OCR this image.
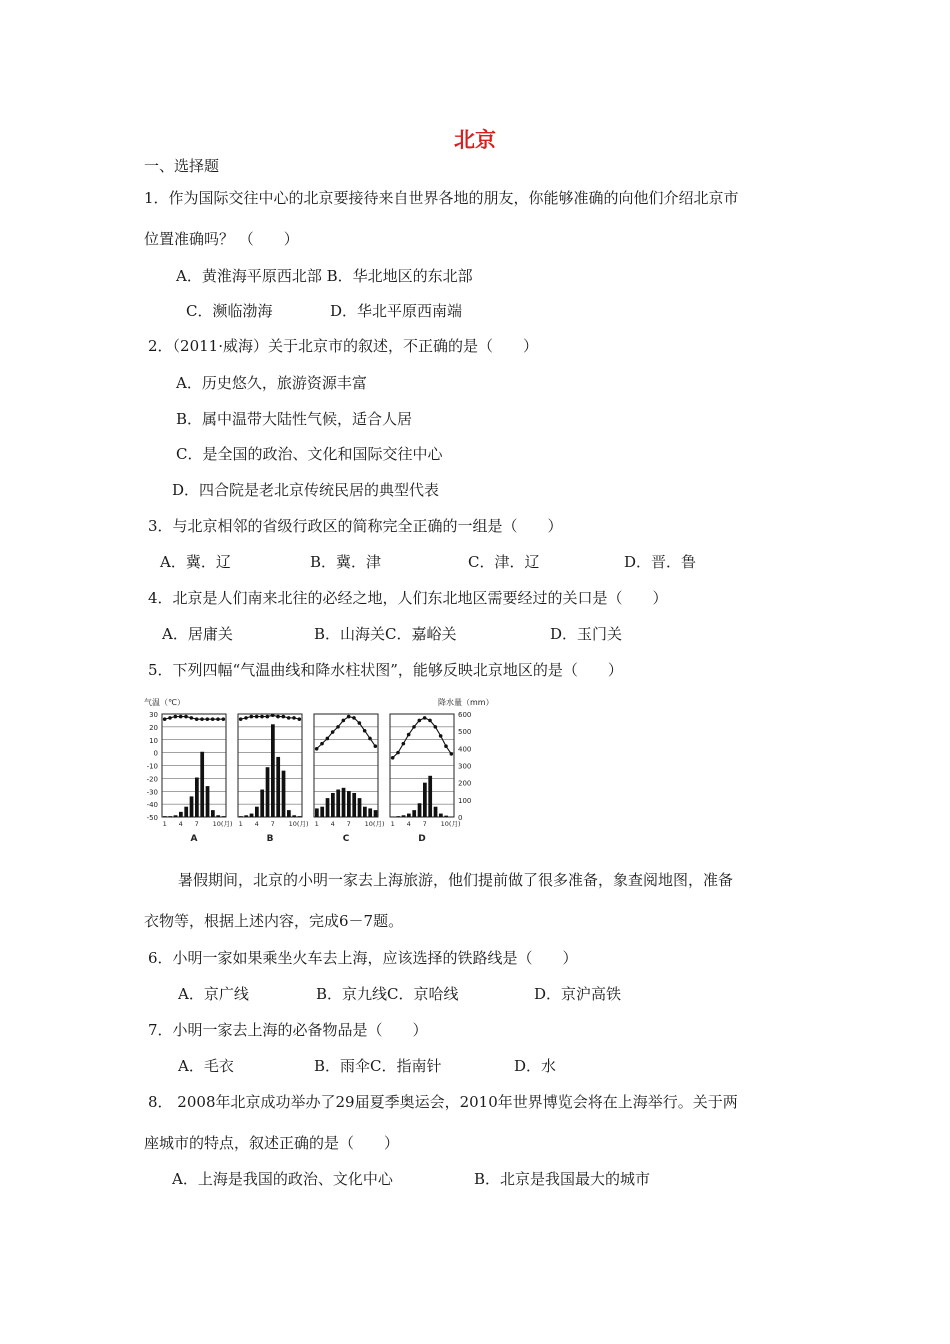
北京
一、选择题
1．作为国际交往中心的北京要接待来自世界各地的朋友，你能够准确的向他们介绍北京市
位置准确吗？ （　　）
A．黄淮海平原西北部 B．华北地区的东北部
C．濒临渤海	D．华北平原西南端
2．（2011·威海）关于北京市的叙述，不正确的是（　　）
A．历史悠久，旅游资源丰富
B．属中温带大陆性气候，适合人居
C．是全国的政治、文化和国际交往中心
D．四合院是老北京传统民居的典型代表
3．与北京相邻的省级行政区的简称完全正确的一组是（　　）
A．冀．辽	B．冀．津	C．津．辽	D．晋．鲁
4．北京是人们南来北往的必经之地，人们东北地区需要经过的关口是（　　）
A．居庸关	B．山海关C．嘉峪关	D．玉门关
5．下列四幅“气温曲线和降水柱状图”，能够反映北京地区的是（　　）
气温（℃）	降水量（mm）
30
20
10
0
-10
-20
-30
-40
-50
600
500
400
300
200
100
0
1 4 7 10(月)
A
1 4 7 10(月)
B
1 4 7 10(月)
C
1 4 7 10(月)
D
暑假期间，北京的小明一家去上海旅游，他们提前做了很多准备，象查阅地图，准备
衣物等，根据上述内容，完成6－7题。
6．小明一家如果乘坐火车去上海，应该选择的铁路线是（　　）
A．京广线	B．京九线C．京哈线	D．京沪高铁
7．小明一家去上海的必备物品是（　　）
A．毛衣	B．雨伞C．指南针	D．水
8． 2008年北京成功举办了29届夏季奥运会，2010年世界博览会将在上海举行。关于两
座城市的特点，叙述正确的是（　　）
A．上海是我国的政治、文化中心	B．北京是我国最大的城市
